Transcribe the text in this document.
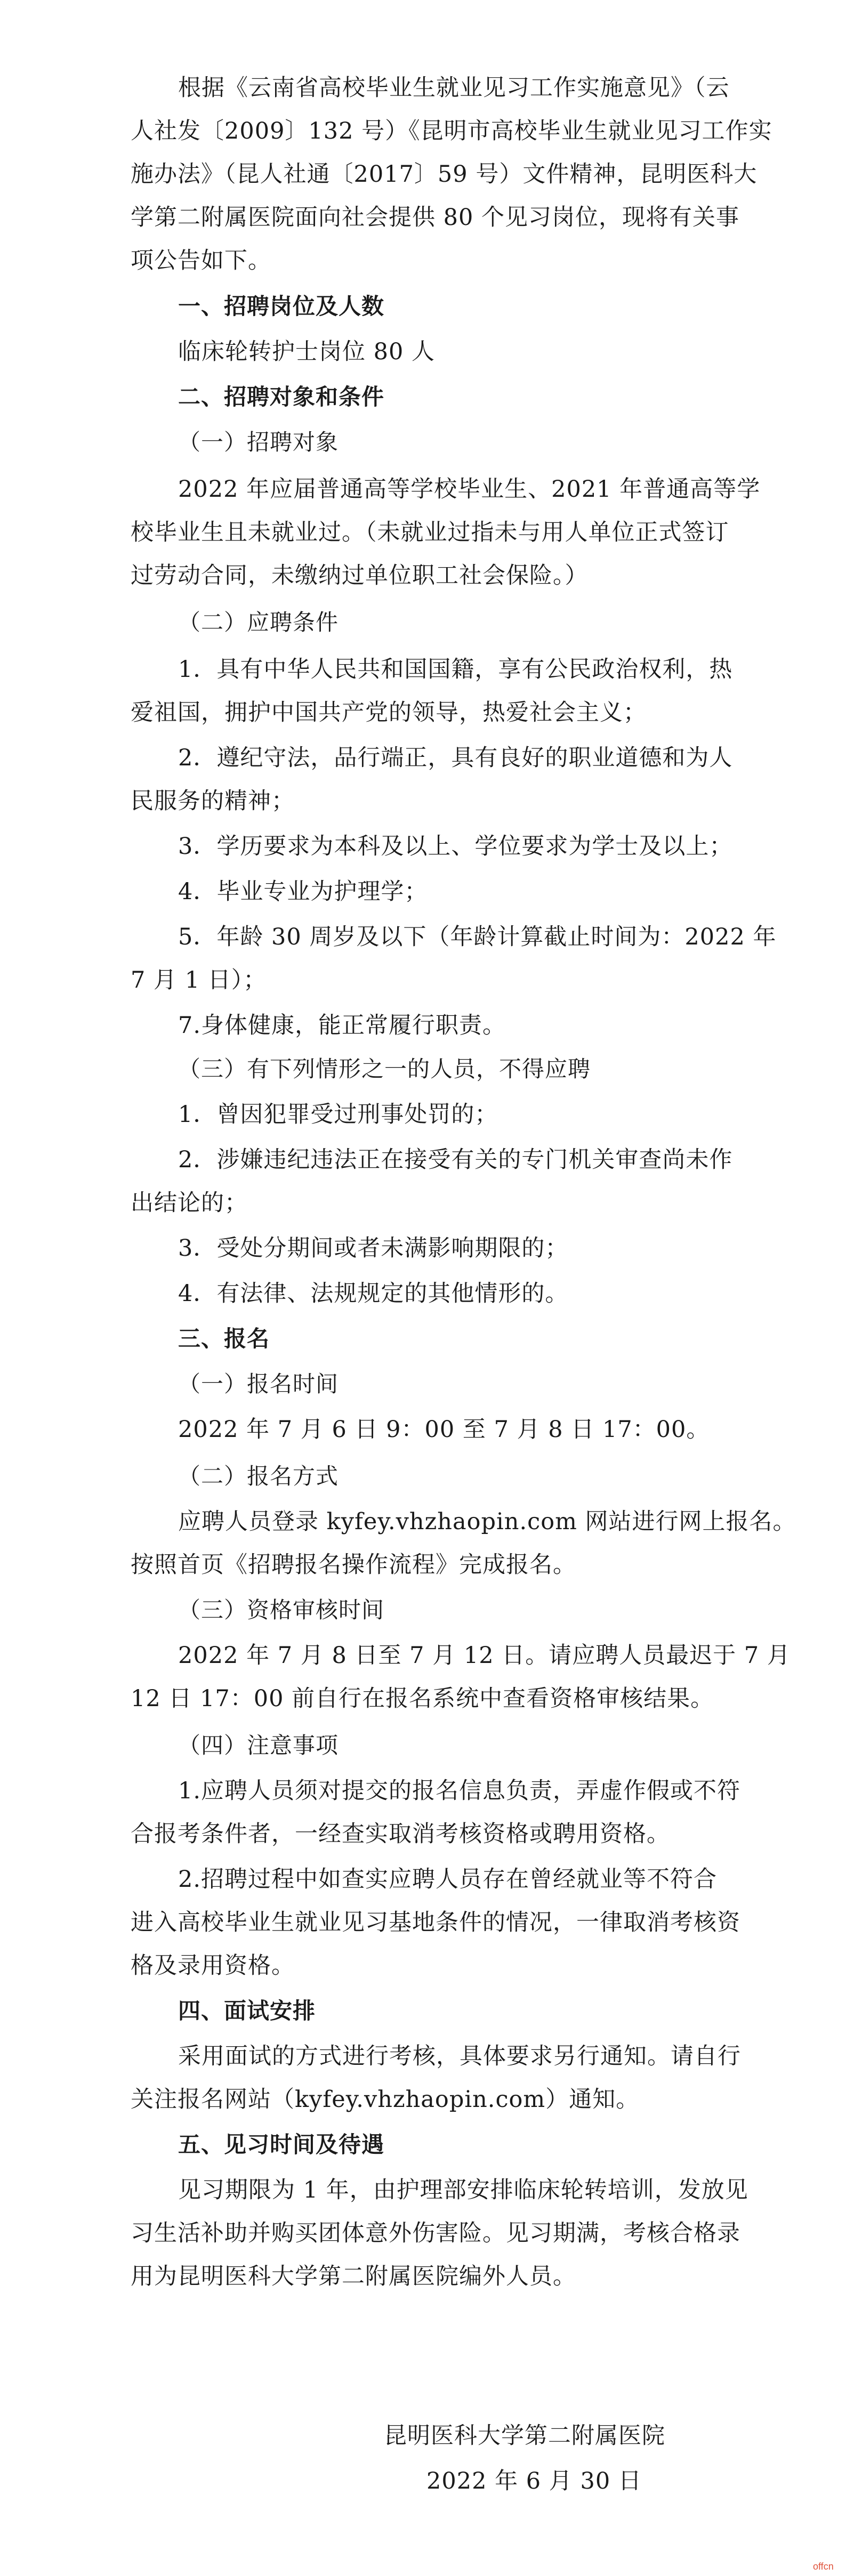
根据《云南省高校毕业生就业见习工作实施意见》（云
人社发〔2009〕132 号）《昆明市高校毕业生就业见习工作实
施办法》（昆人社通〔2017〕59 号）文件精神，昆明医科大
学第二附属医院面向社会提供 80 个见习岗位，现将有关事
项公告如下。
一、招聘岗位及人数
临床轮转护士岗位 80 人
二、招聘对象和条件
（一）招聘对象
2022 年应届普通高等学校毕业生、2021 年普通高等学
校毕业生且未就业过。（未就业过指未与用人单位正式签订
过劳动合同，未缴纳过单位职工社会保险。）
（二）应聘条件
1．具有中华人民共和国国籍，享有公民政治权利，热
爱祖国，拥护中国共产党的领导，热爱社会主义；
2．遵纪守法，品行端正，具有良好的职业道德和为人
民服务的精神；
3．学历要求为本科及以上、学位要求为学士及以上；
4．毕业专业为护理学；
5．年龄 30 周岁及以下（年龄计算截止时间为：2022 年
7 月 1 日）；
7.身体健康，能正常履行职责。
（三）有下列情形之一的人员，不得应聘
1．曾因犯罪受过刑事处罚的；
2．涉嫌违纪违法正在接受有关的专门机关审查尚未作
出结论的；
3．受处分期间或者未满影响期限的；
4．有法律、法规规定的其他情形的。
三、报名
（一）报名时间
2022 年 7 月 6 日 9：00 至 7 月 8 日 17：00。
（二）报名方式
应聘人员登录 kyfey.vhzhaopin.com 网站进行网上报名。
按照首页《招聘报名操作流程》完成报名。
（三）资格审核时间
2022 年 7 月 8 日至 7 月 12 日。请应聘人员最迟于 7 月
12 日 17：00 前自行在报名系统中查看资格审核结果。
（四）注意事项
1.应聘人员须对提交的报名信息负责，弄虚作假或不符
合报考条件者，一经查实取消考核资格或聘用资格。
2.招聘过程中如查实应聘人员存在曾经就业等不符合
进入高校毕业生就业见习基地条件的情况，一律取消考核资
格及录用资格。
四、面试安排
采用面试的方式进行考核，具体要求另行通知。请自行
关注报名网站（kyfey.vhzhaopin.com）通知。
五、见习时间及待遇
见习期限为 1 年，由护理部安排临床轮转培训，发放见
习生活补助并购买团体意外伤害险。见习期满，考核合格录
用为昆明医科大学第二附属医院编外人员。
昆明医科大学第二附属医院
2022 年 6 月 30 日
offcn
